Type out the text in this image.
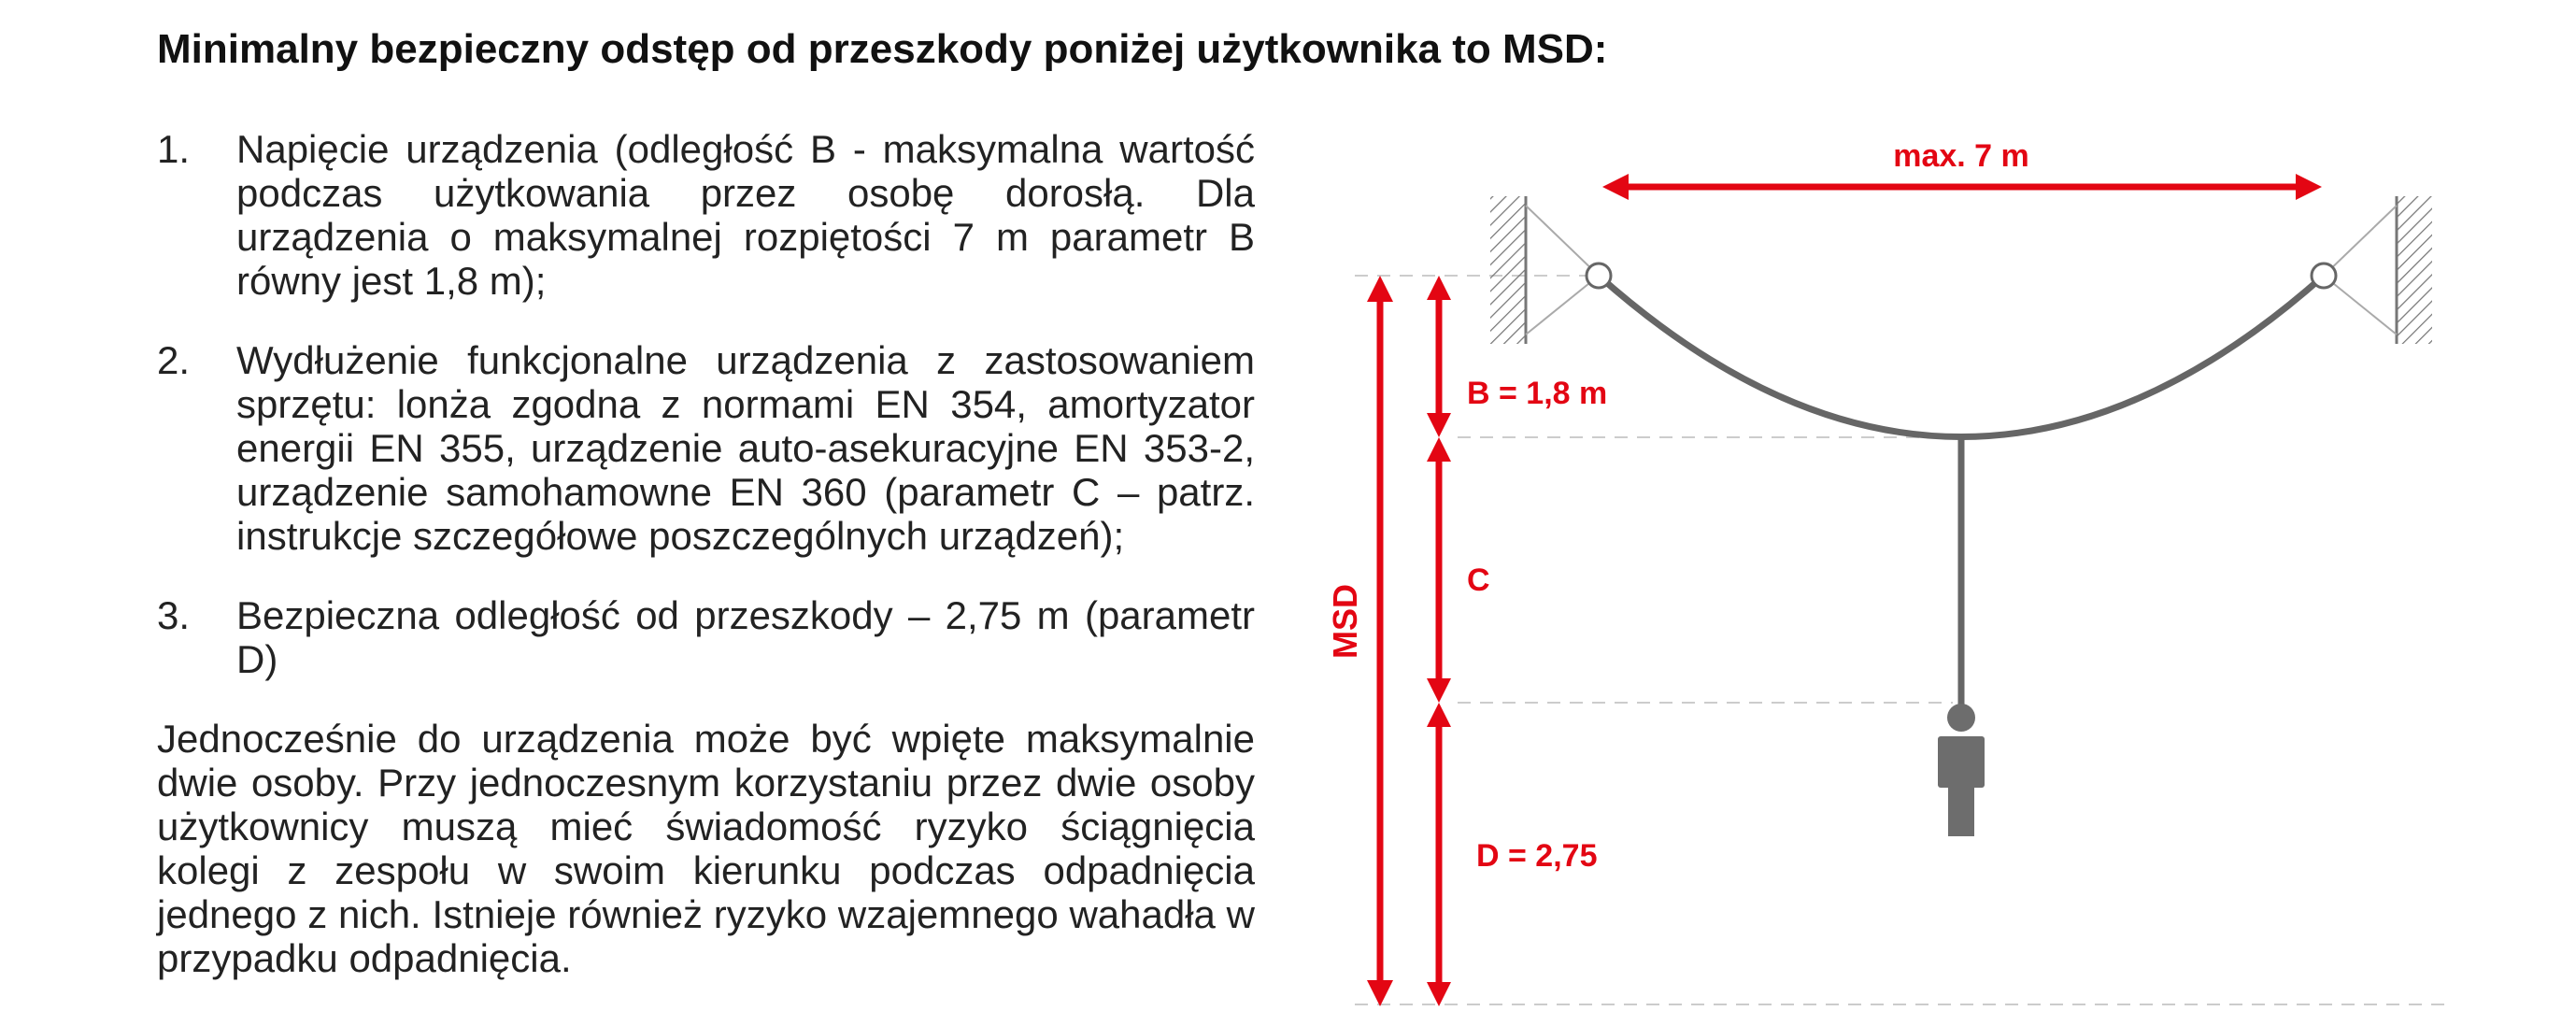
Minimalny bezpieczny odstęp od przeszkody poniżej użytkownika to MSD:
1.	Napięcie urządzenia (odległość B - maksymalna wartość podczas użytkowania przez osobę dorosłą. Dla urządzenia o maksymalnej rozpiętości 7 m parametr B równy jest 1,8 m);
2.	Wydłużenie funkcjonalne urządzenia z zastosowaniem sprzętu: lonża zgodna z normami EN 354, amortyzator energii EN 355, urządzenie auto-asekuracyjne EN 353-2, urządzenie samohamowne EN 360 (parametr C – patrz. instrukcje szczegółowe poszczególnych urządzeń);
3.	Bezpieczna odległość od przeszkody – 2,75 m (parametr D)
Jednocześnie do urządzenia może być wpięte maksymalnie dwie osoby. Przy jednoczesnym korzystaniu przez dwie osoby użytkownicy muszą mieć świadomość ryzyko ściągnięcia kolegi z zespołu w swoim kierunku podczas odpadnięcia jednego z nich. Istnieje również ryzyko wzajemnego wahadła w przypadku odpadnięcia.
max. 7 m
MSD
B = 1,8 m
C
D = 2,75
